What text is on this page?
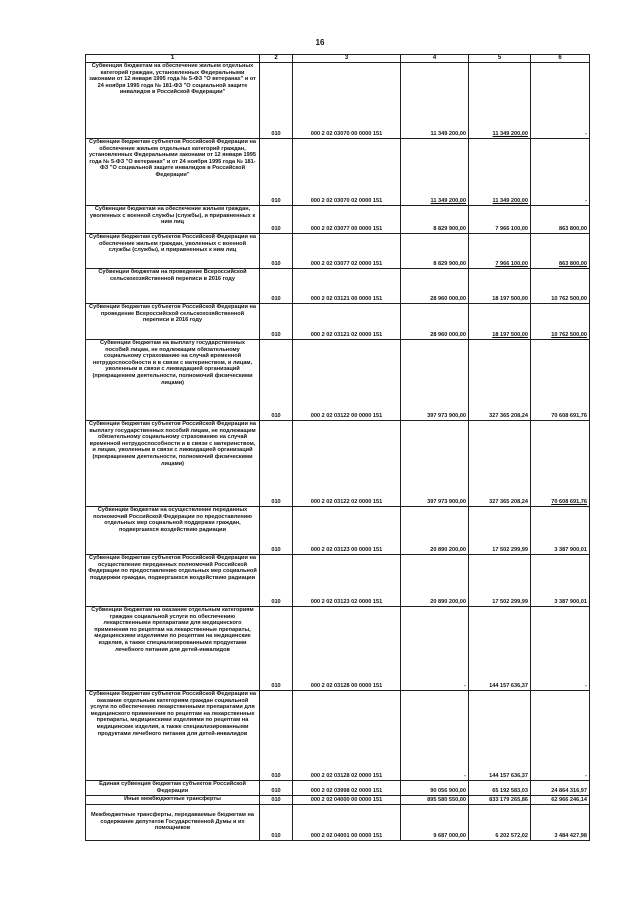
16
1	2	3	4	5	6
Субвенция бюджетам на обеспечение жильем отдельных категорий граждан, установленных Федеральными законами от 12 января 1995 года № 5-ФЗ "О ветеранах" и от 24 ноября 1995 года № 181-ФЗ "О социальной защите инвалидов в Российской Федерации"	010	000 2 02 03070 00 0000 151	11 349 200,00	11 349 200,00	-
Субвенции бюджетам субъектов Российской Федерации на обеспечение жильем отдельных категорий граждан, установленных Федеральными законами от 12 января 1995 года № 5-ФЗ "О ветеранах" и от 24 ноября 1995 года № 181-ФЗ "О социальной защите инвалидов в Российской Федерации"	010	000 2 02 03070 02 0000 151	11 349 200,00	11 349 200,00	-
Субвенции бюджетам на обеспечение жильем граждан, уволенных с военной службы (службы), и приравненных к ним лиц	010	000 2 02 03077 00 0000 151	8 829 900,00	7 966 100,00	863 800,00
Субвенции бюджетам субъектов Российской Федерации на обеспечение жильем граждан, уволенных с военной службы (службы), и приравненных к ним лиц	010	000 2 02 03077 02 0000 151	8 829 900,00	7 966 100,00	863 800,00
Субвенции бюджетам на проведение Всероссийской сельскохозяйственной переписи в 2016 году	010	000 2 02 03121 00 0000 151	28 960 000,00	18 197 500,00	10 762 500,00
Субвенции бюджетам субъектов Российской Федерации на проведение Всероссийской сельскохозяйственной переписи в 2016 году	010	000 2 02 03121 02 0000 151	28 960 000,00	18 197 500,00	10 762 500,00
Субвенции бюджетам на выплату государственных пособий лицам, не подлежащим обязательному социальному страхованию на случай временной нетрудоспособности и в связи с материнством, и лицам, уволенным в связи с ликвидацией организаций (прекращением деятельности, полномочий физическими лицами)	010	000 2 02 03122 00 0000 151	397 973 900,00	327 365 208,24	70 608 691,76
Субвенции бюджетам субъектов Российской Федерации на выплату государственных пособий лицам, не подлежащим обязательному социальному страхованию на случай временной нетрудоспособности и в связи с материнством, и лицам, уволенным в связи с ликвидацией организаций (прекращением деятельности, полномочий физическими лицами)	010	000 2 02 03122 02 0000 151	397 973 900,00	327 365 208,24	70 608 691,76
Субвенции бюджетам на осуществление переданных полномочий Российской Федерации по предоставлению отдельных мер социальной поддержки граждан, подвергшихся воздействию радиации	010	000 2 02 03123 00 0000 151	20 890 200,00	17 502 299,99	3 387 900,01
Субвенции бюджетам субъектов Российской Федерации на осуществление переданных полномочий Российской Федерации по предоставлению отдельных мер социальной поддержки граждан, подвергшихся воздействию радиации	010	000 2 02 03123 02 0000 151	20 890 200,00	17 502 299,99	3 387 900,01
Субвенции бюджетам на оказание отдельным категориям граждан социальной услуги по обеспечению лекарственными препаратами для медицинского применения по рецептам на лекарственные препараты, медицинскими изделиями по рецептам на медицинские изделия, а также специализированными продуктами лечебного питания для детей-инвалидов	010	000 2 02 03128 00 0000 151	-	144 157 636,37	-
Субвенции бюджетам субъектов Российской Федерации на оказание отдельным категориям граждан социальной услуги по обеспечению лекарственными препаратами для медицинского применения по рецептам на лекарственные препараты, медицинскими изделиями по рецептам на медицинские изделия, а также специализированными продуктами лечебного питания для детей-инвалидов	010	000 2 02 03128 02 0000 151	-	144 157 636,37	-
Единая субвенция бюджетам субъектов Российской Федерации	010	000 2 02 03998 02 0000 151	90 056 900,00	65 192 583,03	24 864 316,97
Иные межбюджетные трансферты	010	000 2 02 04000 00 0000 151	895 580 550,00	833 179 265,86	62 966 246,14
Межбюджетные трансферты, передаваемые бюджетам на содержание депутатов Государственной Думы и их помощников	010	000 2 02 04001 00 0000 151	9 687 000,00	6 202 572,02	3 484 427,98
